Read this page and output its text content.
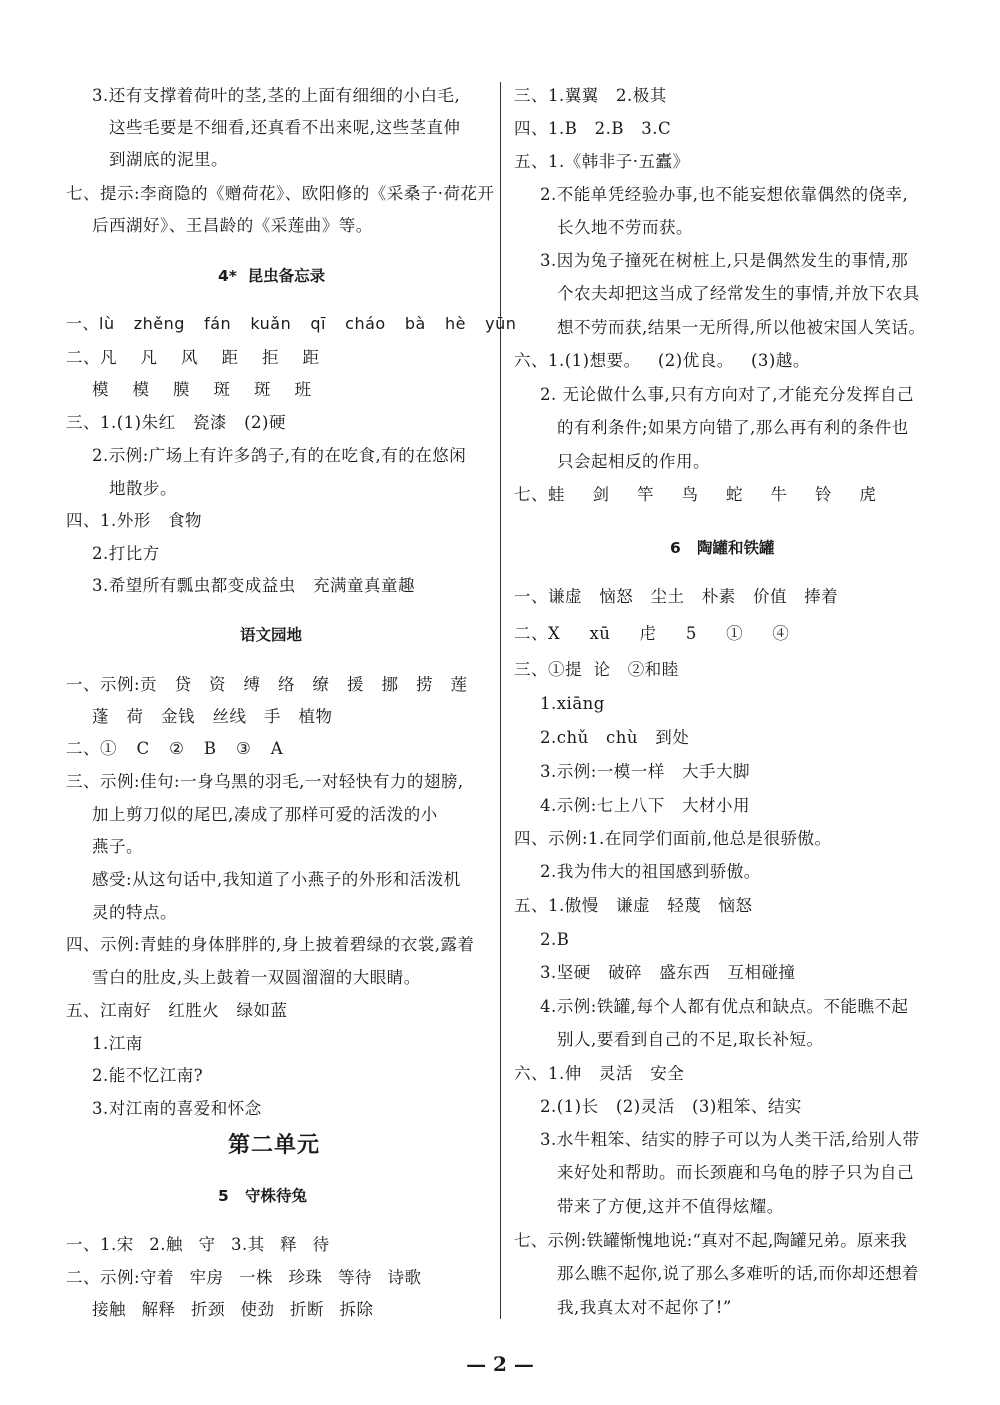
3.还有支撑着荷叶的茎,茎的上面有细细的小白毛,
这些毛要是不细看,还真看不出来呢,这些茎直伸
到湖底的泥里。
七、提示:李商隐的《赠荷花》、欧阳修的《采桑子·荷花开
后西湖好》、王昌龄的《采莲曲》等。
4*  昆虫备忘录
一、lù  zhěng  fán  kuǎn  qī  cháo  bà  hè  yūn
二、凡  凡  风  距  拒  距
模  模  膜  斑  斑  班
三、1.(1)朱红   瓷漆   (2)硬
2.示例:广场上有许多鸽子,有的在吃食,有的在悠闲
地散步。
四、1.外形   食物
2.打比方
3.希望所有瓢虫都变成益虫   充满童真童趣
语文园地
一、示例:贡  贷  资  缚  络  缭  援  挪  捞  莲
蓬  荷  金钱  丝线  手  植物
二、①  C  ②  B  ③  A
三、示例:佳句:一身乌黑的羽毛,一对轻快有力的翅膀,
加上剪刀似的尾巴,凑成了那样可爱的活泼的小
燕子。
感受:从这句话中,我知道了小燕子的外形和活泼机
灵的特点。
四、示例:青蛙的身体胖胖的,身上披着碧绿的衣裳,露着
雪白的肚皮,头上鼓着一双圆溜溜的大眼睛。
五、江南好   红胜火   绿如蓝
1.江南
2.能不忆江南?
3.对江南的喜爱和怀念
第二单元
5   守株待兔
一、1.宋  2.触  守  3.其  释  待
二、示例:守着  牢房  一株  珍珠  等待  诗歌
接触  解释  折颈  使劲  折断  拆除
三、1.翼翼   2.极其
四、1.B   2.B   3.C
五、1.《韩非子·五蠹》
2.不能单凭经验办事,也不能妄想依靠偶然的侥幸,
长久地不劳而获。
3.因为兔子撞死在树桩上,只是偶然发生的事情,那
个农夫却把这当成了经常发生的事情,并放下农具
想不劳而获,结果一无所得,所以他被宋国人笑话。
六、1.(1)想要。   (2)优良。   (3)越。
2. 无论做什么事,只有方向对了,才能充分发挥自己
的有利条件;如果方向错了,那么再有利的条件也
只会起相反的作用。
七、蛙  剑  竿  鸟  蛇  牛  铃  虎
6   陶罐和铁罐
一、谦虚   恼怒   尘土   朴素   价值   捧着
二、X   xū   虍   5   ①   ④
三、①提  论   ②和睦
1.xiāng
2.chǔ   chù   到处
3.示例:一模一样   大手大脚
4.示例:七上八下   大材小用
四、示例:1.在同学们面前,他总是很骄傲。
2.我为伟大的祖国感到骄傲。
五、1.傲慢   谦虚   轻蔑   恼怒
2.B
3.坚硬   破碎   盛东西   互相碰撞
4.示例:铁罐,每个人都有优点和缺点。不能瞧不起
别人,要看到自己的不足,取长补短。
六、1.伸   灵活   安全
2.(1)长   (2)灵活   (3)粗笨、结实
3.水牛粗笨、结实的脖子可以为人类干活,给别人带
来好处和帮助。而长颈鹿和乌龟的脖子只为自己
带来了方便,这并不值得炫耀。
七、示例:铁罐惭愧地说:“真对不起,陶罐兄弟。原来我
那么瞧不起你,说了那么多难听的话,而你却还想着
我,我真太对不起你了!”
— 2 —
